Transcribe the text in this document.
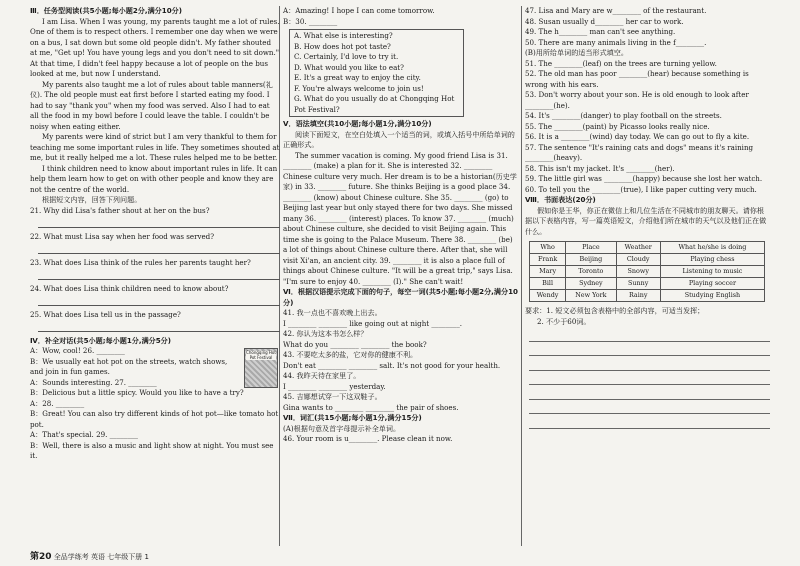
Ⅲ．任务型阅读(共5小题;每小题2分,满分10分)

I am Lisa. When I was young, my parents taught me a lot of rules. One of them is to respect others. I remember one day when we were on a bus, I sat down but some old people didn't. My father shouted at me, "Get up! You have young legs and you don't need to sit down." At that time, I didn't feel happy because a lot of people on the bus looked at me, but now I understand.

My parents also taught me a lot of rules about table manners(礼仪). The old people must eat first before I started eating my food. I had to say "thank you" when my food was served. Also I had to eat all the food in my bowl before I could leave the table. I couldn't be noisy when eating either.

My parents were kind of strict but I am very thankful to them for teaching me some important rules in life. They sometimes shouted at me, but it really helped me a lot. These rules helped me to be better.

I think children need to know about important rules in life. It can help them learn how to get on with other people and know they are not the centre of the world.

根据短文内容，回答下列问题。

21. Why did Lisa's father shout at her on the bus?

22. What must Lisa say when her food was served?

23. What does Lisa think of the rules her parents taught her?

24. What does Lisa think children need to know about?

25. What does Lisa tell us in the passage?

Ⅳ．补全对话(共5小题;每小题1分,满分5分)

Chongqing Hot Pot Festival

A：Wow, cool! 26. ________

B：We usually eat hot pot on the streets, watch shows, and join in fun games.

A：Sounds interesting. 27. ________

B：Delicious but a little spicy. Would you like to have a try?

A：28. ________

B：Great! You can also try different kinds of hot pot—like tomato hot pot.

A：That's special. 29. ________

B：Well, there is also a music and light show at night. You must see it.

A：Amazing! I hope I can come tomorrow.

B：30. ________

A. What else is interesting?

B. How does hot pot taste?

C. Certainly, I'd love to try it.

D. What would you like to eat?

E. It's a great way to enjoy the city.

F. You're always welcome to join us!

G. What do you usually do at Chongqing Hot Pot Festival?

Ⅴ．语法填空(共10小题;每小题1分,满分10分)

阅读下面短文，在空白处填入一个适当的词，或填入括号中所给单词的正确形式。

The summer vacation is coming. My good friend Lisa is 31. ________ (make) a plan for it. She is interested 32. ________ Chinese culture very much. Her dream is to be a historian(历史学家) in 33. ________ future. She thinks Beijing is a good place 34. ________ (know) about Chinese culture. She 35. ________ (go) to Beijing last year but only stayed there for two days. She missed many 36. ________ (interest) places. To know 37. ________ (much) about Chinese culture, she decided to visit Beijing again. This time she is going to the Palace Museum. There 38. ________ (be) a lot of things about Chinese culture there. After that, she will visit Xi'an, an ancient city. 39. ________ it is also a place full of things about Chinese culture. "It will be a great trip," says Lisa. "I'm sure to enjoy 40. ________ (I)." She can't wait!

Ⅵ．根据汉语提示完成下面的句子，每空一词(共5小题;每小题2分,满分10分)

41. 我一点也不喜欢晚上出去。

I ________ ________ like going out at night ________.

42. 你认为这本书怎么样？

What do you ________ ________ the book?

43. 不要吃太多的盐，它对你的健康不利。

Don't eat ________ ________ salt. It's not good for your health.

44. 我昨天待在家里了。

I ________ ________ yesterday.

45. 吉娜想试穿一下这双鞋子。

Gina wants to ________ ________ the pair of shoes.

Ⅶ．词汇(共15小题;每小题1分,满分15分)

(A)根据句意及首字母提示补全单词。

46. Your room is u________. Please clean it now.

47. Lisa and Mary are w________ of the restaurant.

48. Susan usually d________ her car to work.

49. The h________ man can't see anything.

50. There are many animals living in the f________.

(B)用所给单词的适当形式填空。

51. The ________(leaf) on the trees are turning yellow.

52. The old man has poor ________(hear) because something is wrong with his ears.

53. Don't worry about your son. He is old enough to look after ________(he).

54. It's ________(danger) to play football on the streets.

55. The ________(paint) by Picasso looks really nice.

56. It is a ________(wind) day today. We can go out to fly a kite.

57. The sentence "It's raining cats and dogs" means it's raining ________(heavy).

58. This isn't my jacket. It's ________(her).

59. The little girl was ________(happy) because she lost her watch.

60. To tell you the ________(true), I like paper cutting very much.

Ⅷ．书面表达(20分)

假如你是王华，你正在微信上和几位生活在不同城市的朋友聊天。请你根据以下表格内容，写一篇英语短文，介绍他们所在城市的天气以及他们正在做什么。

Who	Place	Weather	What he/she is doing
Frank	Beijing	Cloudy	Playing chess
Mary	Toronto	Snowy	Listening to music
Bill	Sydney	Sunny	Playing soccer
Wendy	New York	Rainy	Studying English

要求：1. 短文必须包含表格中的全部内容，可适当发挥；

2. 不少于60词。

第20 全品学练考 英语 七年级下册 1
